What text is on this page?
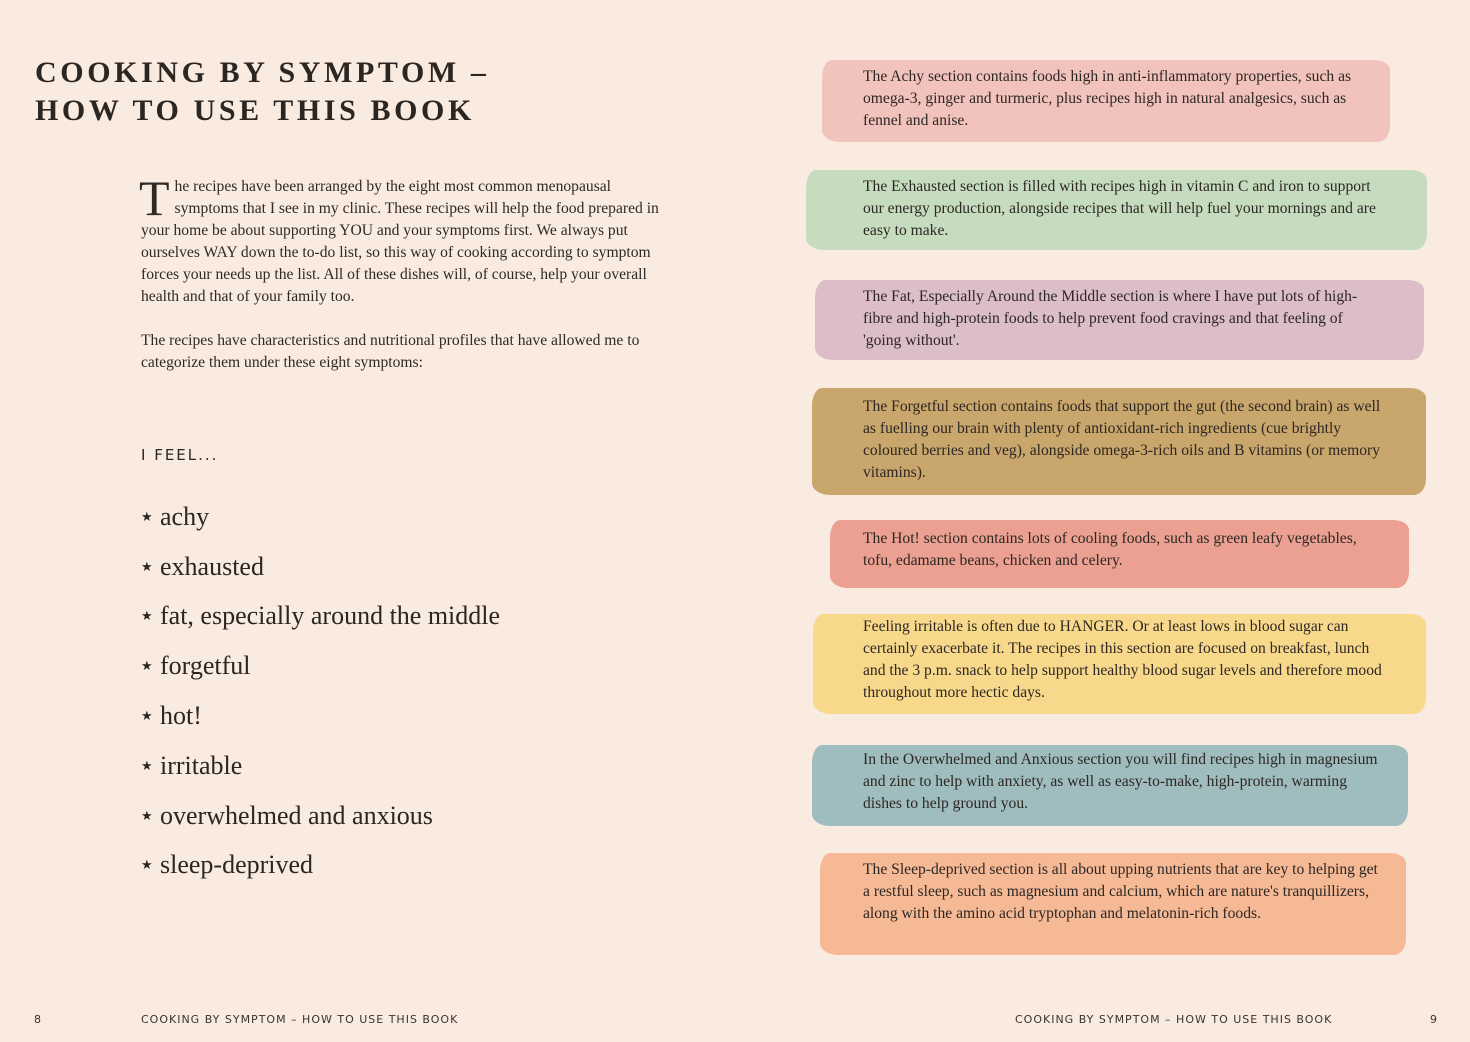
COOKING BY SYMPTOM –
HOW TO USE THIS BOOK

The recipes have been arranged by the eight most common menopausal symptoms that I see in my clinic. These recipes will help the food prepared in your home be about supporting YOU and your symptoms first. We always put ourselves WAY down the to-do list, so this way of cooking according to symptom forces your needs up the list. All of these dishes will, of course, help your overall health and that of your family too.

The recipes have characteristics and nutritional profiles that have allowed me to categorize them under these eight symptoms:

I FEEL...
★ achy
★ exhausted
★ fat, especially around the middle
★ forgetful
★ hot!
★ irritable
★ overwhelmed and anxious
★ sleep-deprived
8	COOKING BY SYMPTOM – HOW TO USE THIS BOOK

The Achy section contains foods high in anti-inflammatory properties, such as omega-3, ginger and turmeric, plus recipes high in natural analgesics, such as fennel and anise.

The Exhausted section is filled with recipes high in vitamin C and iron to support our energy production, alongside recipes that will help fuel your mornings and are easy to make.

The Fat, Especially Around the Middle section is where I have put lots of high-fibre and high-protein foods to help prevent food cravings and that feeling of 'going without'.

The Forgetful section contains foods that support the gut (the second brain) as well as fuelling our brain with plenty of antioxidant-rich ingredients (cue brightly coloured berries and veg), alongside omega-3-rich oils and B vitamins (or memory vitamins).

The Hot! section contains lots of cooling foods, such as green leafy vegetables, tofu, edamame beans, chicken and celery.

Feeling irritable is often due to HANGER. Or at least lows in blood sugar can certainly exacerbate it. The recipes in this section are focused on breakfast, lunch and the 3 p.m. snack to help support healthy blood sugar levels and therefore mood throughout more hectic days.

In the Overwhelmed and Anxious section you will find recipes high in magnesium and zinc to help with anxiety, as well as easy-to-make, high-protein, warming dishes to help ground you.

The Sleep-deprived section is all about upping nutrients that are key to helping get a restful sleep, such as magnesium and calcium, which are nature's tranquillizers, along with the amino acid tryptophan and melatonin-rich foods.

COOKING BY SYMPTOM – HOW TO USE THIS BOOK	9
